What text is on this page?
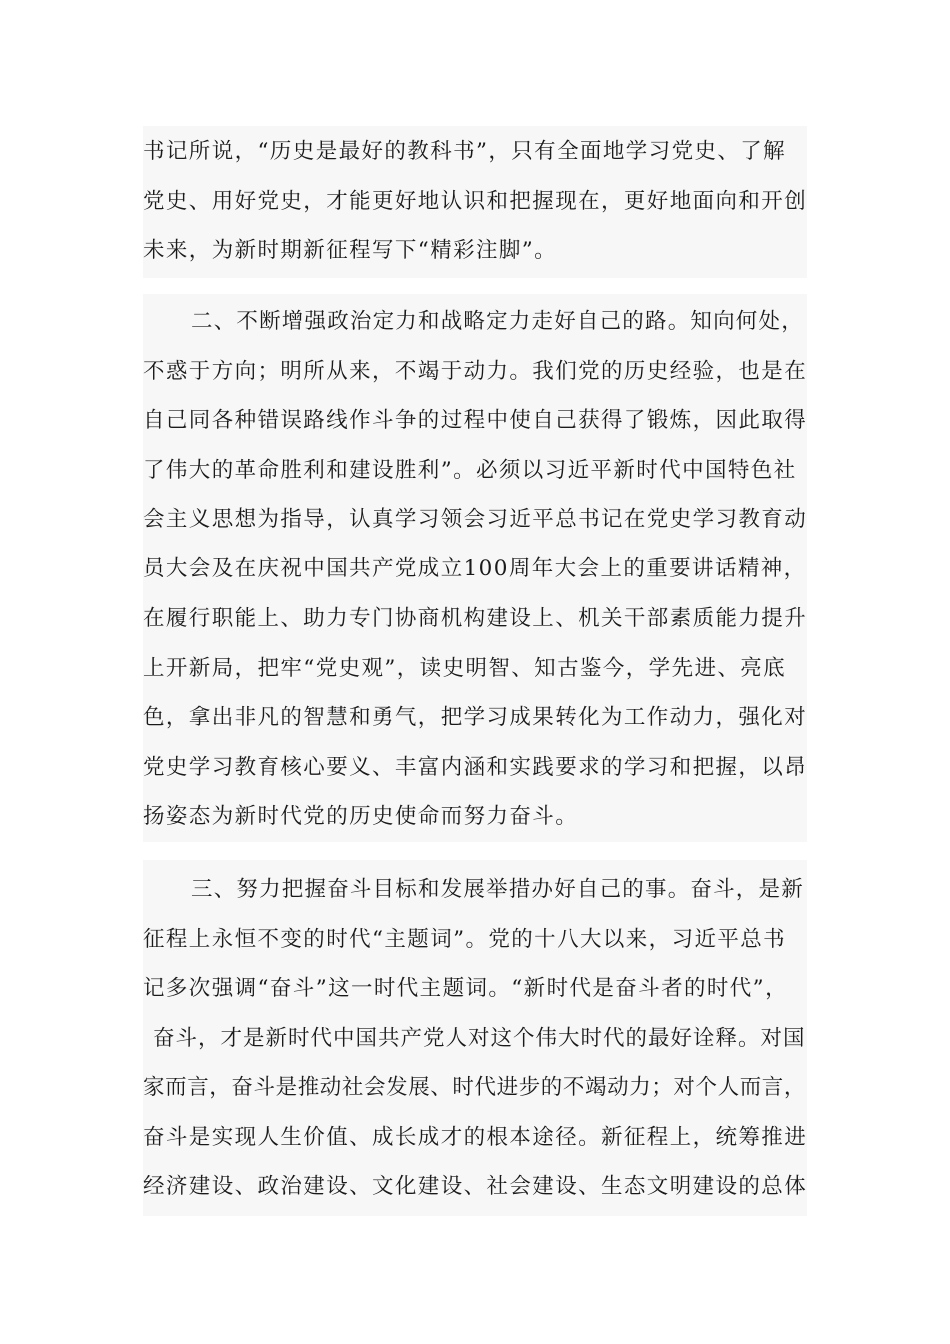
书记所说，“历史是最好的教科书”，只有全面地学习党史、了解
党史、用好党史，才能更好地认识和把握现在，更好地面向和开创
未来，为新时期新征程写下“精彩注脚”。
二、不断增强政治定力和战略定力走好自己的路。知向何处，
不惑于方向；明所从来，不竭于动力。我们党的历史经验，也是在
自己同各种错误路线作斗争的过程中使自己获得了锻炼，因此取得
了伟大的革命胜利和建设胜利”。必须以习近平新时代中国特色社
会主义思想为指导，认真学习领会习近平总书记在党史学习教育动
员大会及在庆祝中国共产党成立100周年大会上的重要讲话精神，
在履行职能上、助力专门协商机构建设上、机关干部素质能力提升
上开新局，把牢“党史观”，读史明智、知古鉴今，学先进、亮底
色，拿出非凡的智慧和勇气，把学习成果转化为工作动力，强化对
党史学习教育核心要义、丰富内涵和实践要求的学习和把握，以昂
扬姿态为新时代党的历史使命而努力奋斗。
三、努力把握奋斗目标和发展举措办好自己的事。奋斗，是新
征程上永恒不变的时代“主题词”。党的十八大以来，习近平总书
记多次强调“奋斗”这一时代主题词。“新时代是奋斗者的时代”，
奋斗，才是新时代中国共产党人对这个伟大时代的最好诠释。对国
家而言，奋斗是推动社会发展、时代进步的不竭动力；对个人而言，
奋斗是实现人生价值、成长成才的根本途径。新征程上，统筹推进
经济建设、政治建设、文化建设、社会建设、生态文明建设的总体
